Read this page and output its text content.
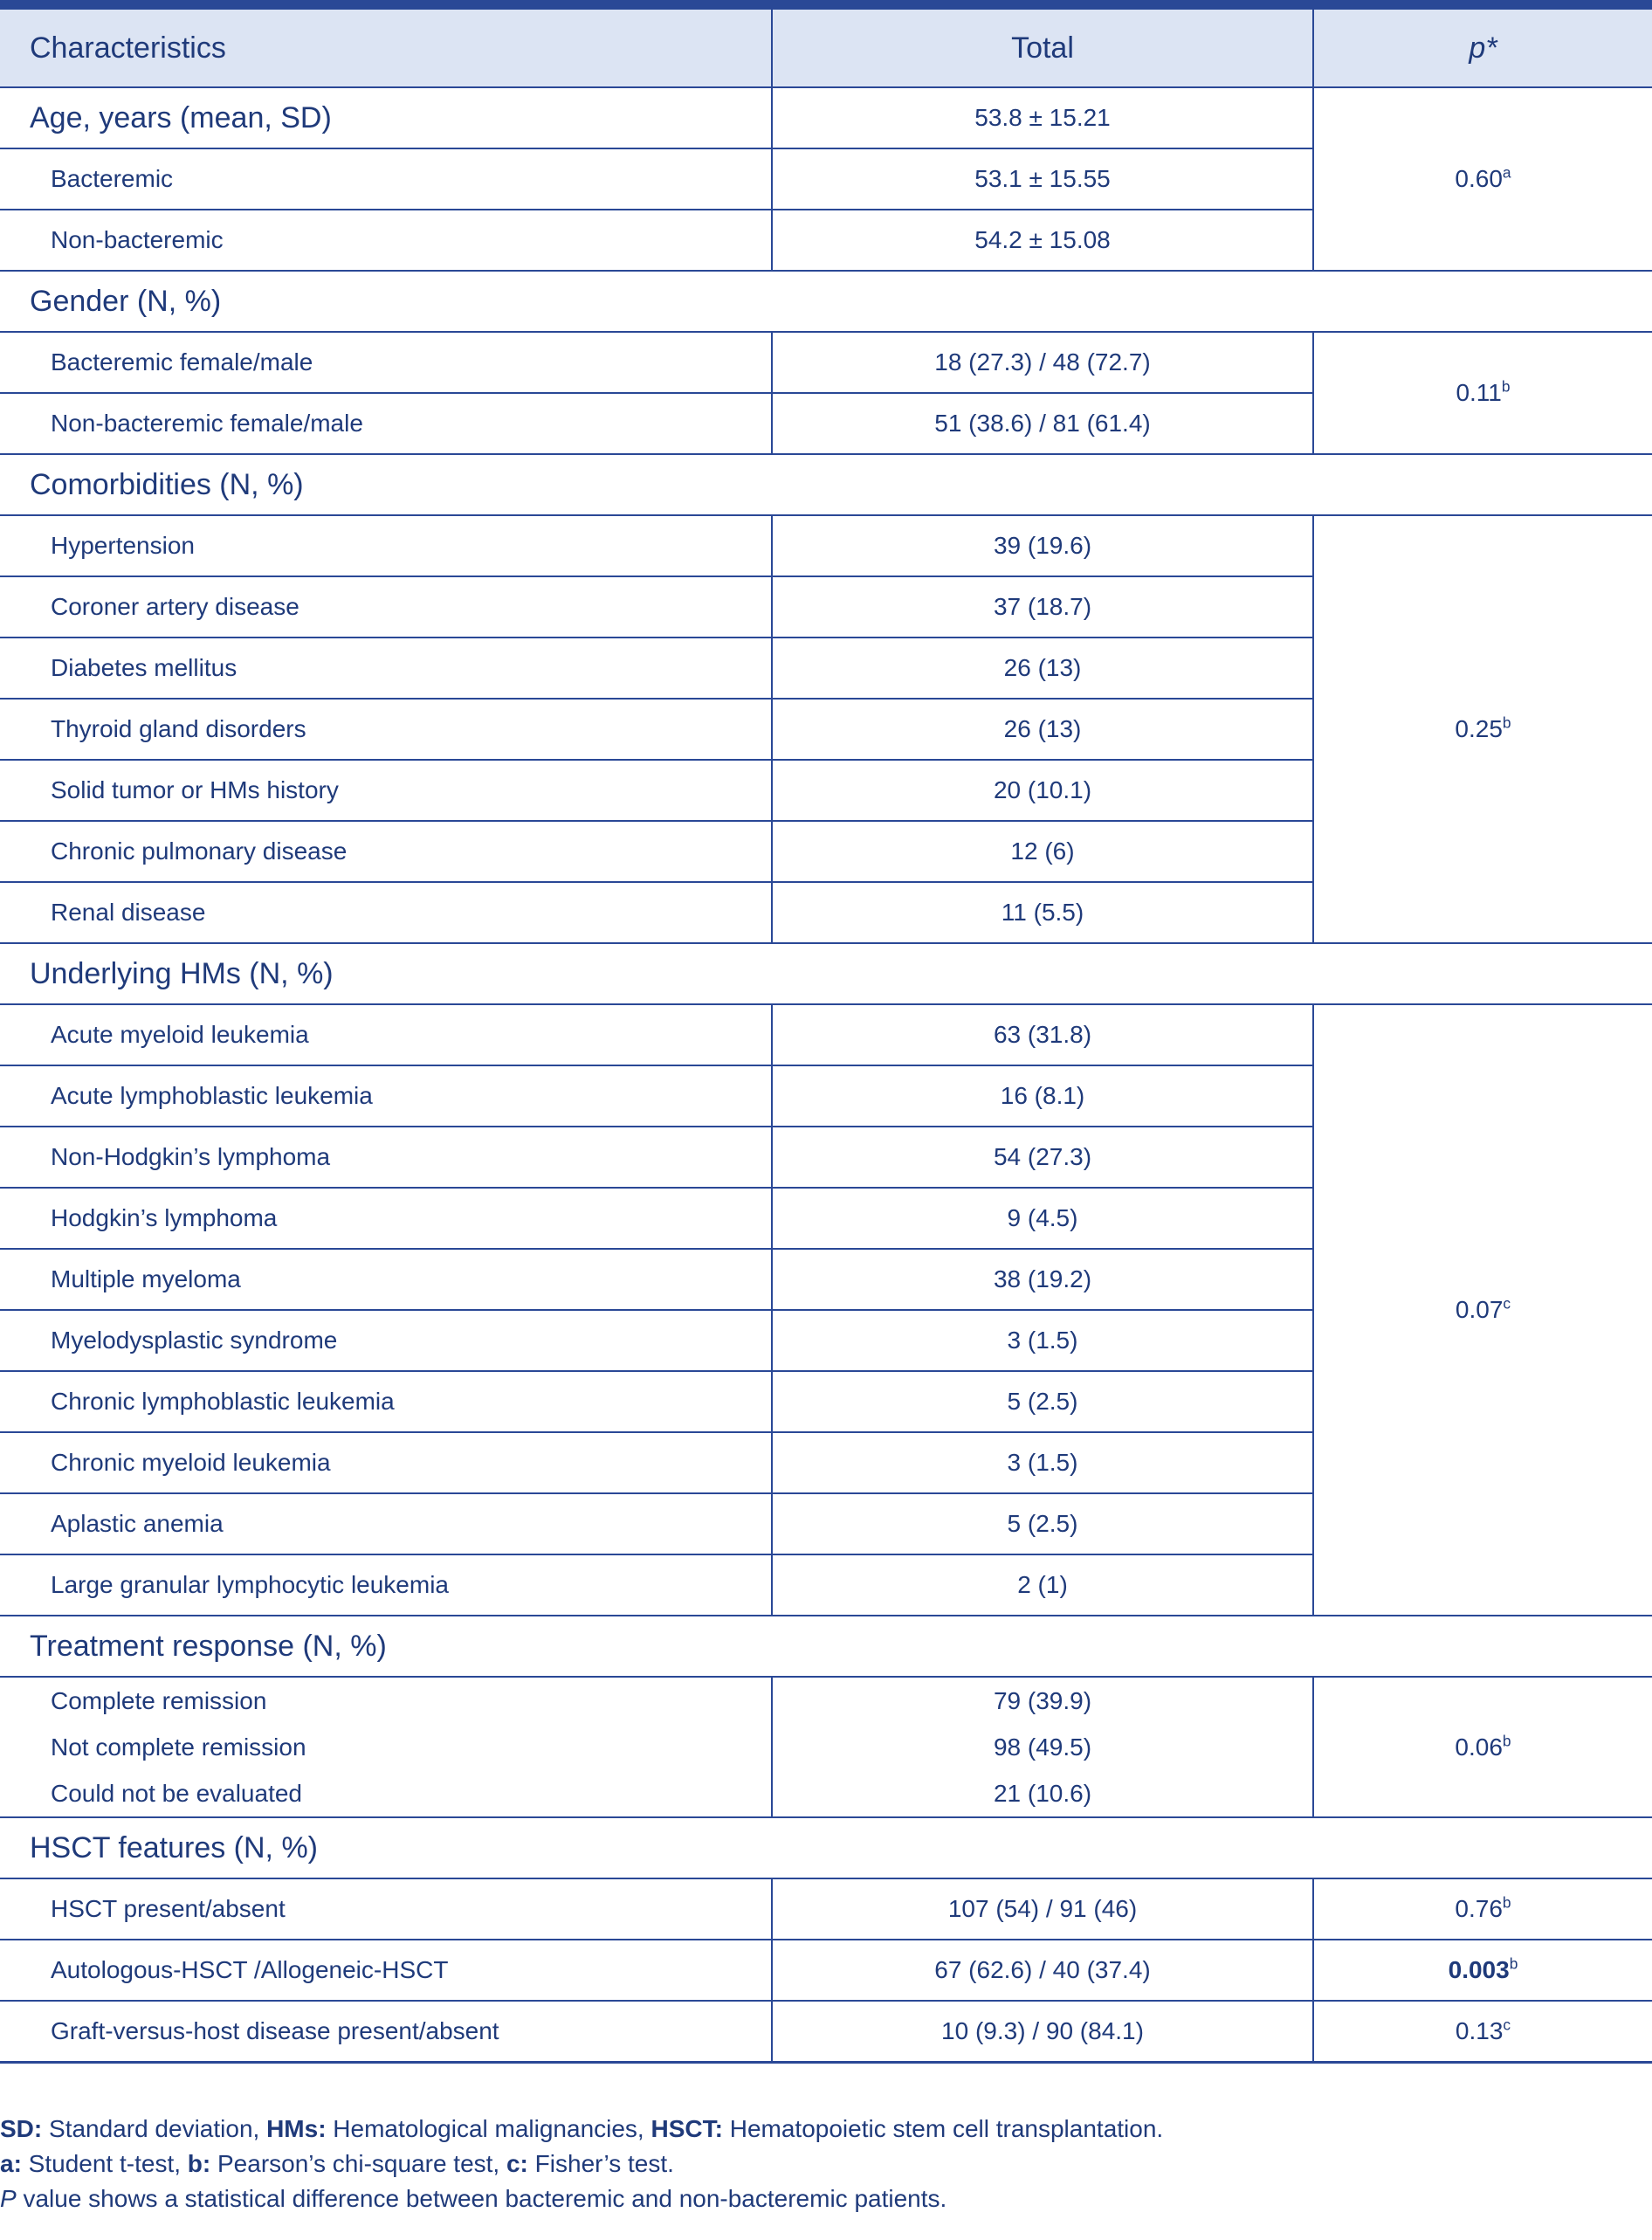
Characteristics	Total	p*
Age, years (mean, SD)	53.8 ± 15.21	0.60$^a$
Bacteremic	53.1 ± 15.55	
Non-bacteremic	54.2 ± 15.08	
Gender (N, %)		
Bacteremic female/male	18 (27.3) / 48 (72.7)	0.11$^b$
Non-bacteremic female/male	51 (38.6) / 81 (61.4)	
Comorbidities (N, %)		
Hypertension	39 (19.6)	0.25$^b$
Coroner artery disease	37 (18.7)	
Diabetes mellitus	26 (13)	
Thyroid gland disorders	26 (13)	
Solid tumor or HMs history	20 (10.1)	
Chronic pulmonary disease	12 (6)	
Renal disease	11 (5.5)	
Underlying HMs (N, %)		
Acute myeloid leukemia	63 (31.8)	0.07$^c$
Acute lymphoblastic leukemia	16 (8.1)	
Non-Hodgkin’s lymphoma	54 (27.3)	
Hodgkin’s lymphoma	9 (4.5)	
Multiple myeloma	38 (19.2)	
Myelodysplastic syndrome	3 (1.5)	
Chronic lymphoblastic leukemia	5 (2.5)	
Chronic myeloid leukemia	3 (1.5)	
Aplastic anemia	5 (2.5)	
Large granular lymphocytic leukemia	2 (1)	
Treatment response (N, %)		
Complete remission	79 (39.9)	0.06$^b$
Not complete remission	98 (49.5)	
Could not be evaluated	21 (10.6)	
HSCT features (N, %)		
HSCT present/absent	107 (54) / 91 (46)	0.76$^b$
Autologous-HSCT /Allogeneic-HSCT	67 (62.6) / 40 (37.4)	0.003$^b$
Graft-versus-host disease present/absent	10 (9.3) / 90 (84.1)	0.13$^c$
SD: Standard deviation, HMs: Hematological malignancies, HSCT: Hematopoietic stem cell transplantation.
a: Student t-test, b: Pearson’s chi-square test, c: Fisher’s test.
P value shows a statistical difference between bacteremic and non-bacteremic patients.
